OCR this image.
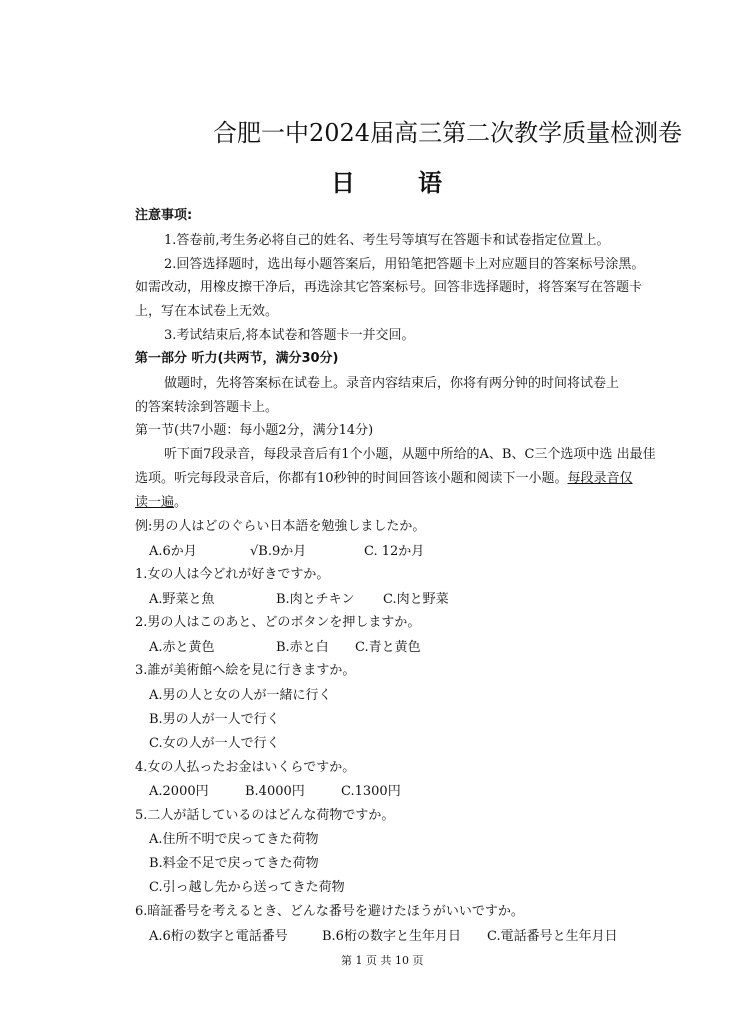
合肥一中2024届高三第二次教学质量检测卷
日	语
注意事项:
1.答卷前,考生务必将自己的姓名、考生号等填写在答题卡和试卷指定位置上。
2.回答选择题时，选出每小题答案后，用铅笔把答题卡上对应题目的答案标号涂黑。
如需改动，用橡皮擦干净后，再选涂其它答案标号。回答非选择题时，将答案写在答题卡
上，写在本试卷上无效。
3.考试结束后,将本试卷和答题卡一并交回。
第一部分 听力(共两节，满分30分)
做题时，先将答案标在试卷上。录音内容结束后，你将有两分钟的时间将试卷上
的答案转涂到答题卡上。
第一节(共7小题：每小题2分，满分14分)
听下面7段录音，每段录音后有1个小题，从题中所给的A、B、C三个选项中选 出最佳
选项。听完每段录音后，你都有10秒钟的时间回答该小题和阅读下一小题。每段录音仅
读一遍。
例:男の人はどのぐらい日本語を勉強しましたか。
A.6か月	√B.9か月	C. 12か月
1.女の人は今どれが好きですか。
A.野菜と魚	B.肉とチキン C.肉と野菜
2.男の人はこのあと、どのボタンを押しますか。
A.赤と黄色	B.赤と白 C.青と黄色
3.誰が美術館へ絵を見に行きますか。
A.男の人と女の人が一緒に行く
B.男の人が一人で行く
C.女の人が一人で行く
4.女の人払ったお金はいくらですか。
A.2000円	B.4000円	C.1300円
5.二人が話しているのはどんな荷物ですか。
A.住所不明で戻ってきた荷物
B.料金不足で戻ってきた荷物
C.引っ越し先から送ってきた荷物
6.暗証番号を考えるとき、どんな番号を避けたほうがいいですか。
A.6桁の数字と電話番号	B.6桁の数字と生年月日 C.電話番号と生年月日
第 1 页 共 10 页
